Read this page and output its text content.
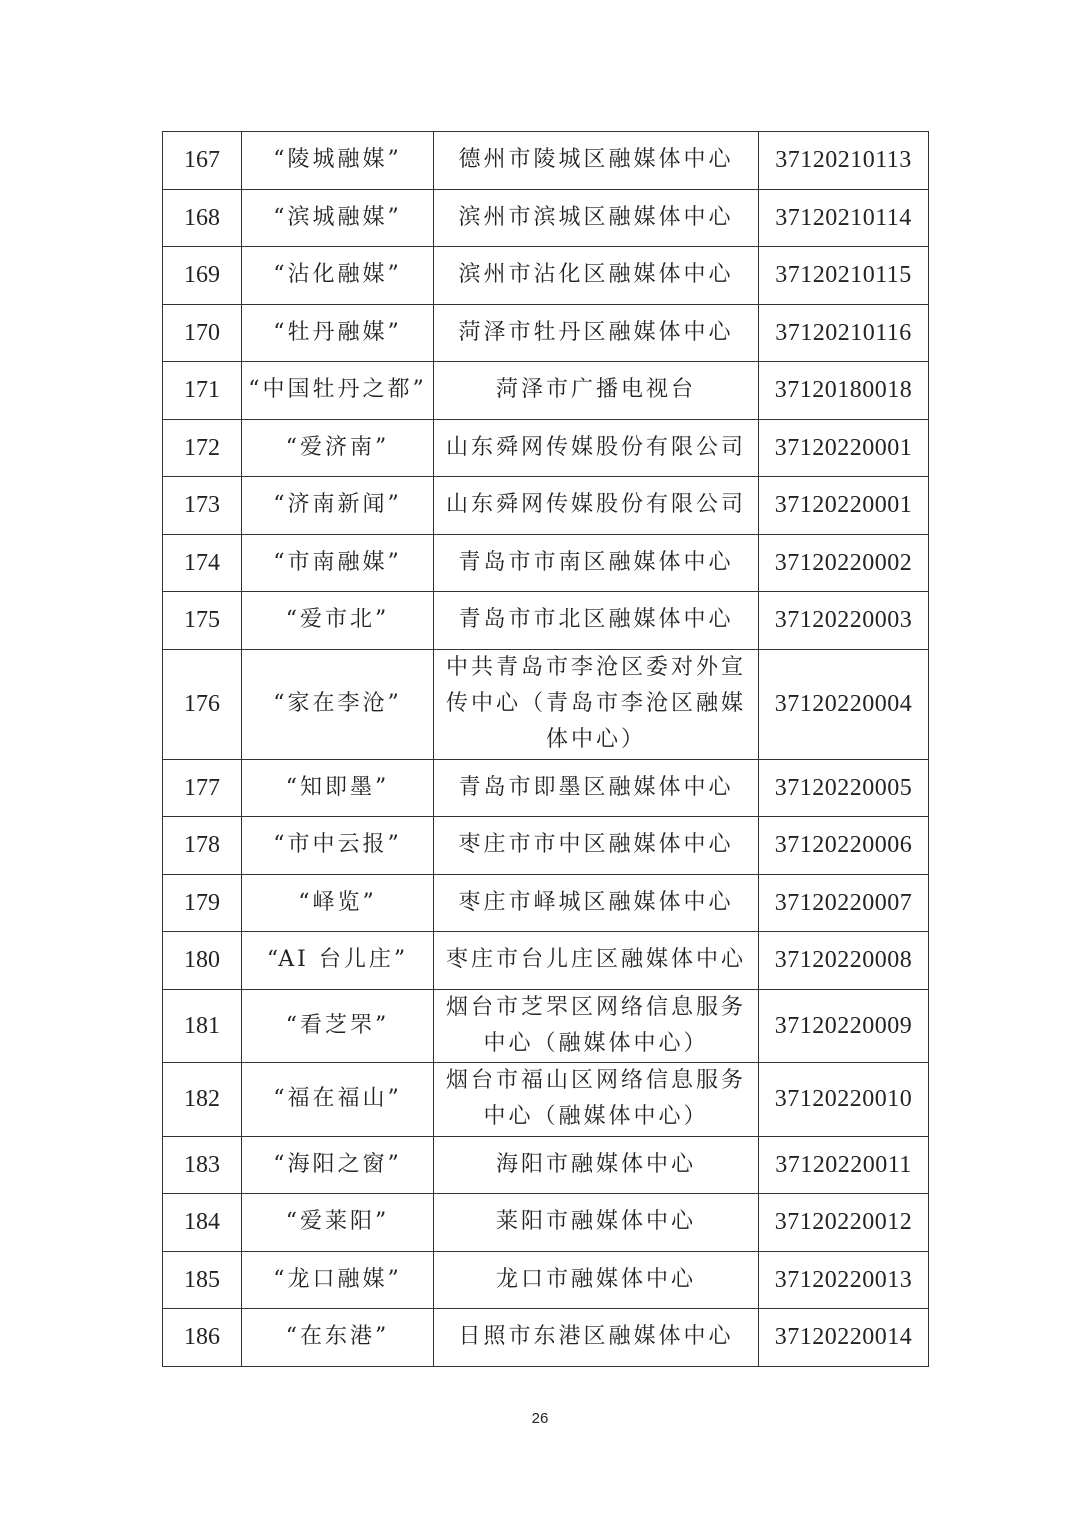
167	“陵城融媒”	德州市陵城区融媒体中心	37120210113
168	“滨城融媒”	滨州市滨城区融媒体中心	37120210114
169	“沾化融媒”	滨州市沾化区融媒体中心	37120210115
170	“牡丹融媒”	菏泽市牡丹区融媒体中心	37120210116
171	“中国牡丹之都”	菏泽市广播电视台	37120180018
172	“爱济南”	山东舜网传媒股份有限公司	37120220001
173	“济南新闻”	山东舜网传媒股份有限公司	37120220001
174	“市南融媒”	青岛市市南区融媒体中心	37120220002
175	“爱市北”	青岛市市北区融媒体中心	37120220003
176	“家在李沧”	中共青岛市李沧区委对外宣传中心（青岛市李沧区融媒体中心）	37120220004
177	“知即墨”	青岛市即墨区融媒体中心	37120220005
178	“市中云报”	枣庄市市中区融媒体中心	37120220006
179	“峄览”	枣庄市峄城区融媒体中心	37120220007
180	“AI 台儿庄”	枣庄市台儿庄区融媒体中心	37120220008
181	“看芝罘”	烟台市芝罘区网络信息服务中心（融媒体中心）	37120220009
182	“福在福山”	烟台市福山区网络信息服务中心（融媒体中心）	37120220010
183	“海阳之窗”	海阳市融媒体中心	37120220011
184	“爱莱阳”	莱阳市融媒体中心	37120220012
185	“龙口融媒”	龙口市融媒体中心	37120220013
186	“在东港”	日照市东港区融媒体中心	37120220014
26
